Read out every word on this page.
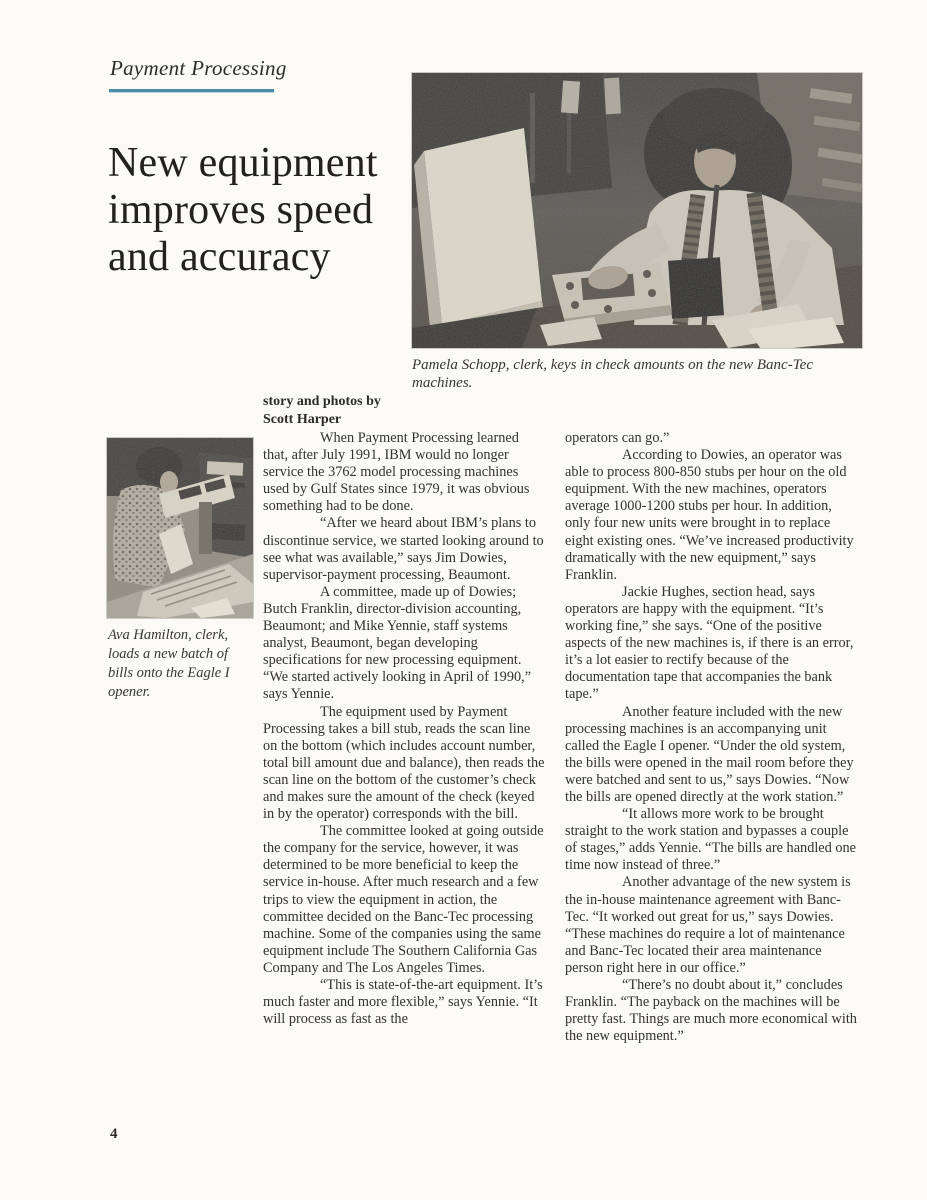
Payment Processing
New equipment
improves speed
and accuracy
Pamela Schopp, clerk, keys in check amounts on the new Banc-Tec machines.
story and photos by
Scott Harper
Ava Hamilton, clerk, loads a new batch of bills onto the Eagle I opener.

When Payment Processing learned that, after July 1991, IBM would no longer service the 3762 model processing machines used by Gulf States since 1979, it was obvious something had to be done.

“After we heard about IBM’s plans to discontinue service, we started looking around to see what was available,” says Jim Dowies, supervisor-payment processing, Beaumont.

A committee, made up of Dowies; Butch Franklin, director-division accounting, Beaumont; and Mike Yennie, staff systems analyst, Beaumont, began developing specifications for new processing equipment. “We started actively looking in April of 1990,” says Yennie.

The equipment used by Payment Processing takes a bill stub, reads the scan line on the bottom (which includes account number, total bill amount due and balance), then reads the scan line on the bottom of the customer’s check and makes sure the amount of the check (keyed in by the operator) corresponds with the bill.

The committee looked at going outside the company for the service, however, it was determined to be more beneficial to keep the service in-house. After much research and a few trips to view the equipment in action, the committee decided on the Banc-Tec processing machine. Some of the companies using the same equipment include The Southern California Gas Company and The Los Angeles Times.

“This is state-of-the-art equipment. It’s much faster and more flexible,” says Yennie. “It will process as fast as the

operators can go.”

According to Dowies, an operator was able to process 800-850 stubs per hour on the old equipment. With the new machines, operators average 1000-1200 stubs per hour. In addition, only four new units were brought in to replace eight existing ones. “We’ve increased productivity dramatically with the new equipment,” says Franklin.

Jackie Hughes, section head, says operators are happy with the equipment. “It’s working fine,” she says. “One of the positive aspects of the new machines is, if there is an error, it’s a lot easier to rectify because of the documentation tape that accompanies the bank tape.”

Another feature included with the new processing machines is an accompanying unit called the Eagle I opener. “Under the old system, the bills were opened in the mail room before they were batched and sent to us,” says Dowies. “Now the bills are opened directly at the work station.”

“It allows more work to be brought straight to the work station and bypasses a couple of stages,” adds Yennie. “The bills are handled one time now instead of three.”

Another advantage of the new system is the in-house maintenance agreement with Banc-Tec. “It worked out great for us,” says Dowies. “These machines do require a lot of maintenance and Banc-Tec located their area maintenance person right here in our office.”

“There’s no doubt about it,” concludes Franklin. “The payback on the machines will be pretty fast. Things are much more economical with the new equipment.”

4
